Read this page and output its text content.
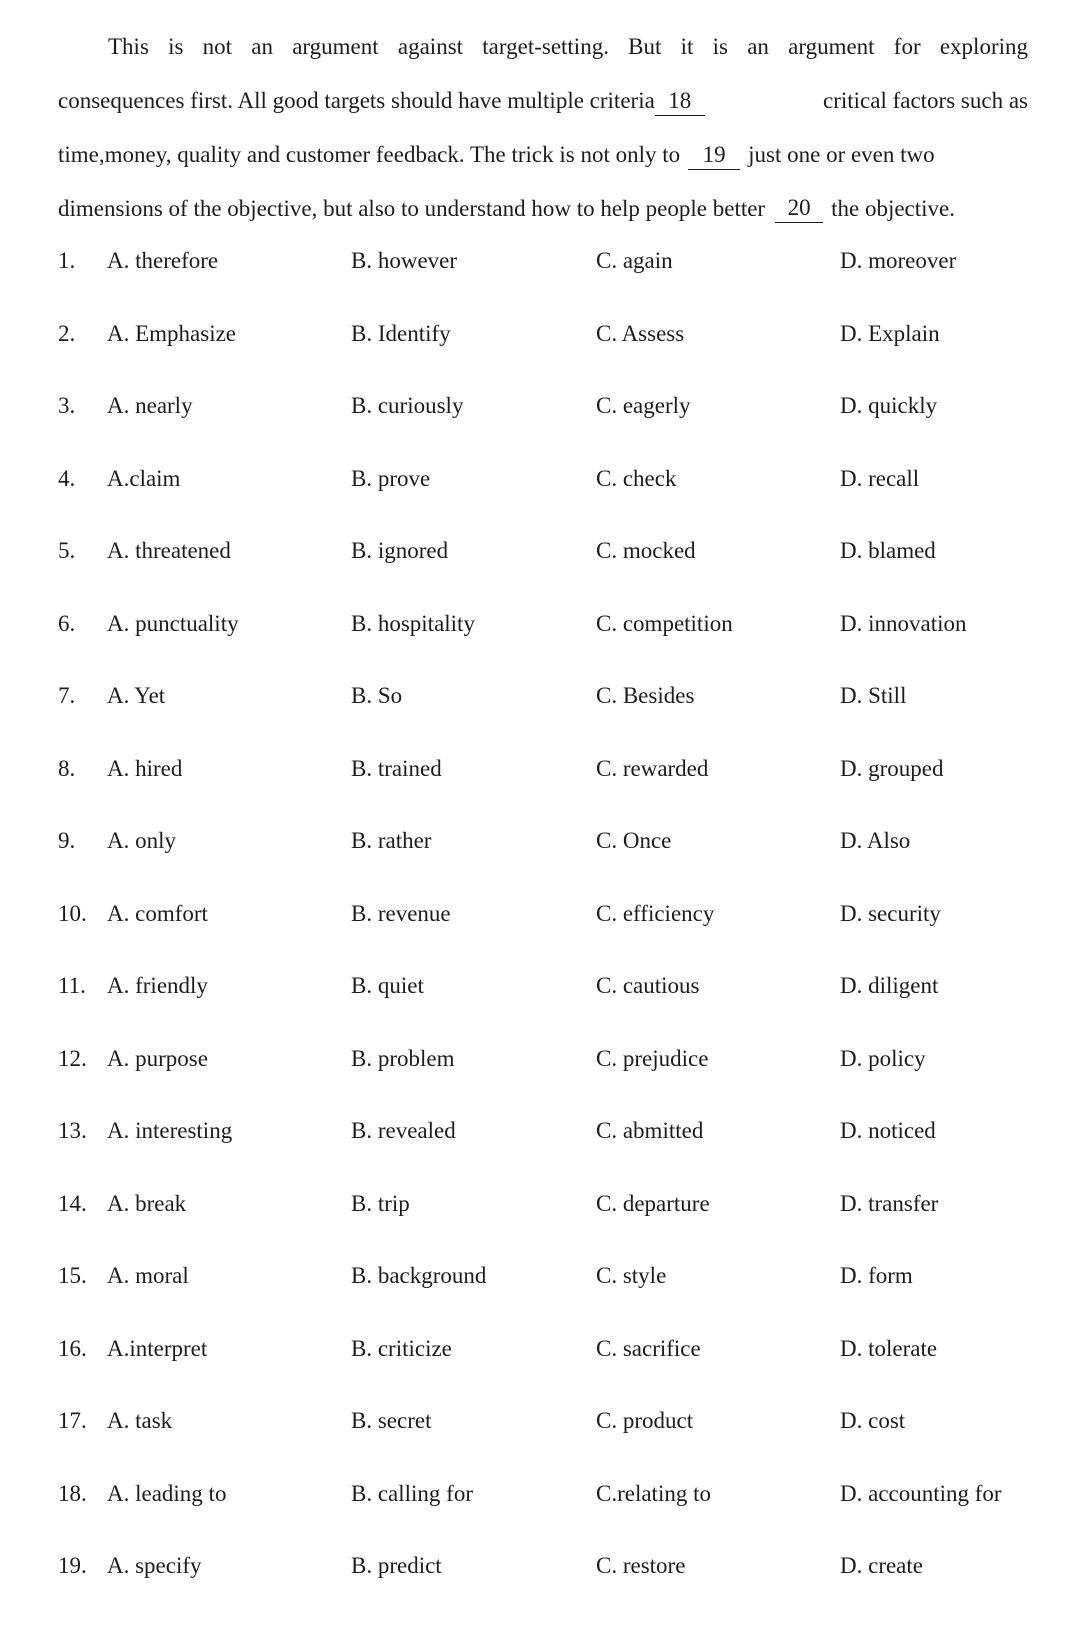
This is not an argument against target-setting. But it is an argument for exploring
consequences first. All good targets should have multiple criteria 18	critical factors such as
time,money, quality and customer feedback. The trick is not only to 19 just one or even two
dimensions of the objective, but also to understand how to help people better 20 the objective.
1. A. therefore	B. however	C. again	D. moreover
2. A. Emphasize	B. Identify	C. Assess	D. Explain
3. A. nearly	B. curiously	C. eagerly	D. quickly
4. A.claim	B. prove	C. check	D. recall
5. A. threatened	B. ignored	C. mocked	D. blamed
6. A. punctuality	B. hospitality	C. competition	D. innovation
7. A. Yet	B. So	C. Besides	D. Still
8. A. hired	B. trained	C. rewarded	D. grouped
9. A. only	B. rather	C. Once	D. Also
10. A. comfort	B. revenue	C. efficiency	D. security
11. A. friendly	B. quiet	C. cautious	D. diligent
12. A. purpose	B. problem	C. prejudice	D. policy
13. A. interesting	B. revealed	C. abmitted	D. noticed
14. A. break	B. trip	C. departure	D. transfer
15. A. moral	B. background	C. style	D. form
16. A.interpret	B. criticize	C. sacrifice	D. tolerate
17. A. task	B. secret	C. product	D. cost
18. A. leading to	B. calling for	C.relating to	D. accounting for
19. A. specify	B. predict	C. restore	D. create
